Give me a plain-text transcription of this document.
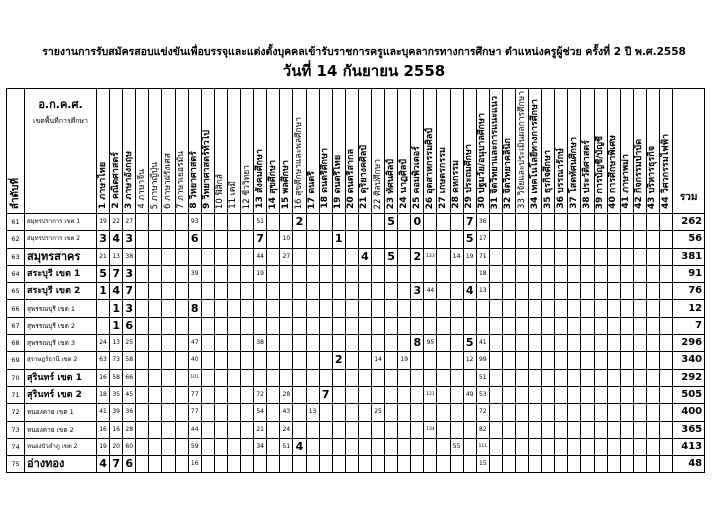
รายงานการรับสมัครสอบแข่งขันเพื่อบรรจุและแต่งตั้งบุคคลเข้ารับราชการครูและบุคลากรทางการศึกษา ตำแหน่งครูผู้ช่วย ครั้งที่ 2 ปี พ.ศ.2558
วันที่ 14 กันยายน 2558
ลำดับที่	อ.ก.ค.ศ.
เขตพื้นที่การศึกษา	1 ภาษาไทย	2 คณิตศาสตร์	3 ภาษาอังกฤษ	4 ภาษาจีน	5 ภาษาญี่ปุ่น	6 ภาษาฝรั่งเศส	7 ภาษาเยอรมัน	8 วิทยาศาสตร์	9 วิทยาศาสตร์ทั่วไป	10 ฟิสิกส์	11 เคมี	12 ชีววิทยา	13 สังคมศึกษา	14 สุขศึกษา	15 พลศึกษา	16 สุขศึกษาและพลศึกษา	17 ดนตรี	18 ดนตรีศึกษา	19 ดนตรีไทย	20 ดนตรีสากล	21 ดุริยางคศิลป์	22 ศิลปศึกษา	23 ทัศนศิลป์	24 นาฏศิลป์	25 คอมพิวเตอร์	26 อุตสาหกรรมศิลป์	27 เกษตรกรรม	28 คหกรรม	29 ประถมศึกษา	30 ปฐมวัย/อนุบาลศึกษา	31 จิตวิทยาและการแนะแนว	32 จิตวิทยาคลินิก	33 วิจัยและประเมินผลการศึกษา	34 เทคโนโลยีทางการศึกษา	35 ธุรกิจศึกษา	36 บรรณารักษ์	37 โสตทัศนศึกษา	38 ประวัติศาสตร์	39 การบัญชี/บัญชี	40 การศึกษาพิเศษ	41 ภาษาพม่า	42 กิจกรรมบำบัด	43 บริหารธุรกิจ	44 วิศวกรรมไฟฟ้า	รวม

61	สมุทรปราการ เขต 1	19	22	27					93					51			2							5		0				7	36															262
62	สมุทรปราการ เขต 2	3	4	3					6					7		10				1										5	17															56
63	สมุทรสาคร	21	13	38										44		27						4		5		2	123		14	19	71															381
64	สระบุรี เขต 1	5	7	3					39					19																	18															91
65	สระบุรี เขต 2	1	4	7																						3	44			4	13															76
66	สุพรรณบุรี เขต 1		1	3					8																																					12
67	สุพรรณบุรี เขต 2		1	6																																										7
68	สุพรรณบุรี เขต 3	24	13	25					47					38												8	95			5	41															296
69	สุราษฎร์ธานี เขต 2	63	73	58					40											2			14		19					12	99															340
70	สุรินทร์ เขต 1	16	58	66					101																						51															292
71	สุรินทร์ เขต 2	18	35	45					77					72		28			7								121			49	53															505
72	หนองคาย เขต 1	41	39	36					77					54		43		13					25								72															400
73	หนองคาย เขต 2	16	16	28					44					21		24											134				82															365
74	หนองบัวลำภู เขต 2	19	20	60					59					34		51	4												55		111															413
75	อ่างทอง	4	7	6					16																						15															48
